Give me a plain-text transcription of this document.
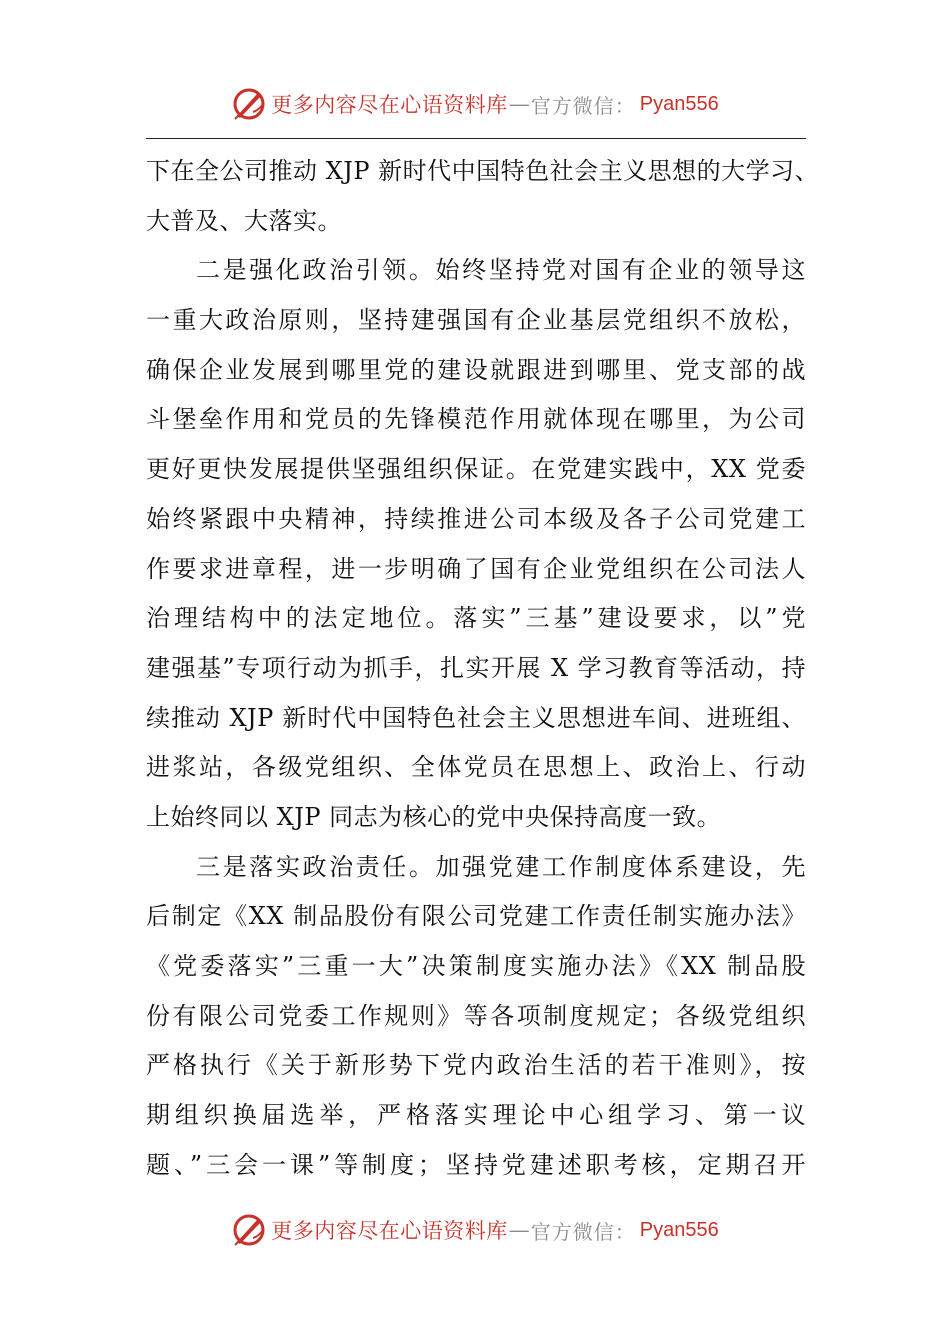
更多内容尽在心语资料库 — 官方微信： Pyan556
下在全公司推动 XJP 新时代中国特色社会主义思想的大学习、
大普及、大落实。
二是强化政治引领。始终坚持党对国有企业的领导这
一重大政治原则，坚持建强国有企业基层党组织不放松，
确保企业发展到哪里党的建设就跟进到哪里、党支部的战
斗堡垒作用和党员的先锋模范作用就体现在哪里，为公司
更好更快发展提供坚强组织保证。在党建实践中，XX 党委
始终紧跟中央精神，持续推进公司本级及各子公司党建工
作要求进章程，进一步明确了国有企业党组织在公司法人
治理结构中的法定地位。落实”三基”建设要求，以”党
建强基”专项行动为抓手，扎实开展 X 学习教育等活动，持
续推动 XJP 新时代中国特色社会主义思想进车间、进班组、
进浆站，各级党组织、全体党员在思想上、政治上、行动
上始终同以 XJP 同志为核心的党中央保持高度一致。
三是落实政治责任。加强党建工作制度体系建设，先
后制定《XX 制品股份有限公司党建工作责任制实施办法》
《党委落实”三重一大”决策制度实施办法》《XX 制品股
份有限公司党委工作规则》等各项制度规定；各级党组织
严格执行《关于新形势下党内政治生活的若干准则》，按
期组织换届选举，严格落实理论中心组学习、第一议
题、”三会一课”等制度；坚持党建述职考核，定期召开
更多内容尽在心语资料库 — 官方微信： Pyan556
